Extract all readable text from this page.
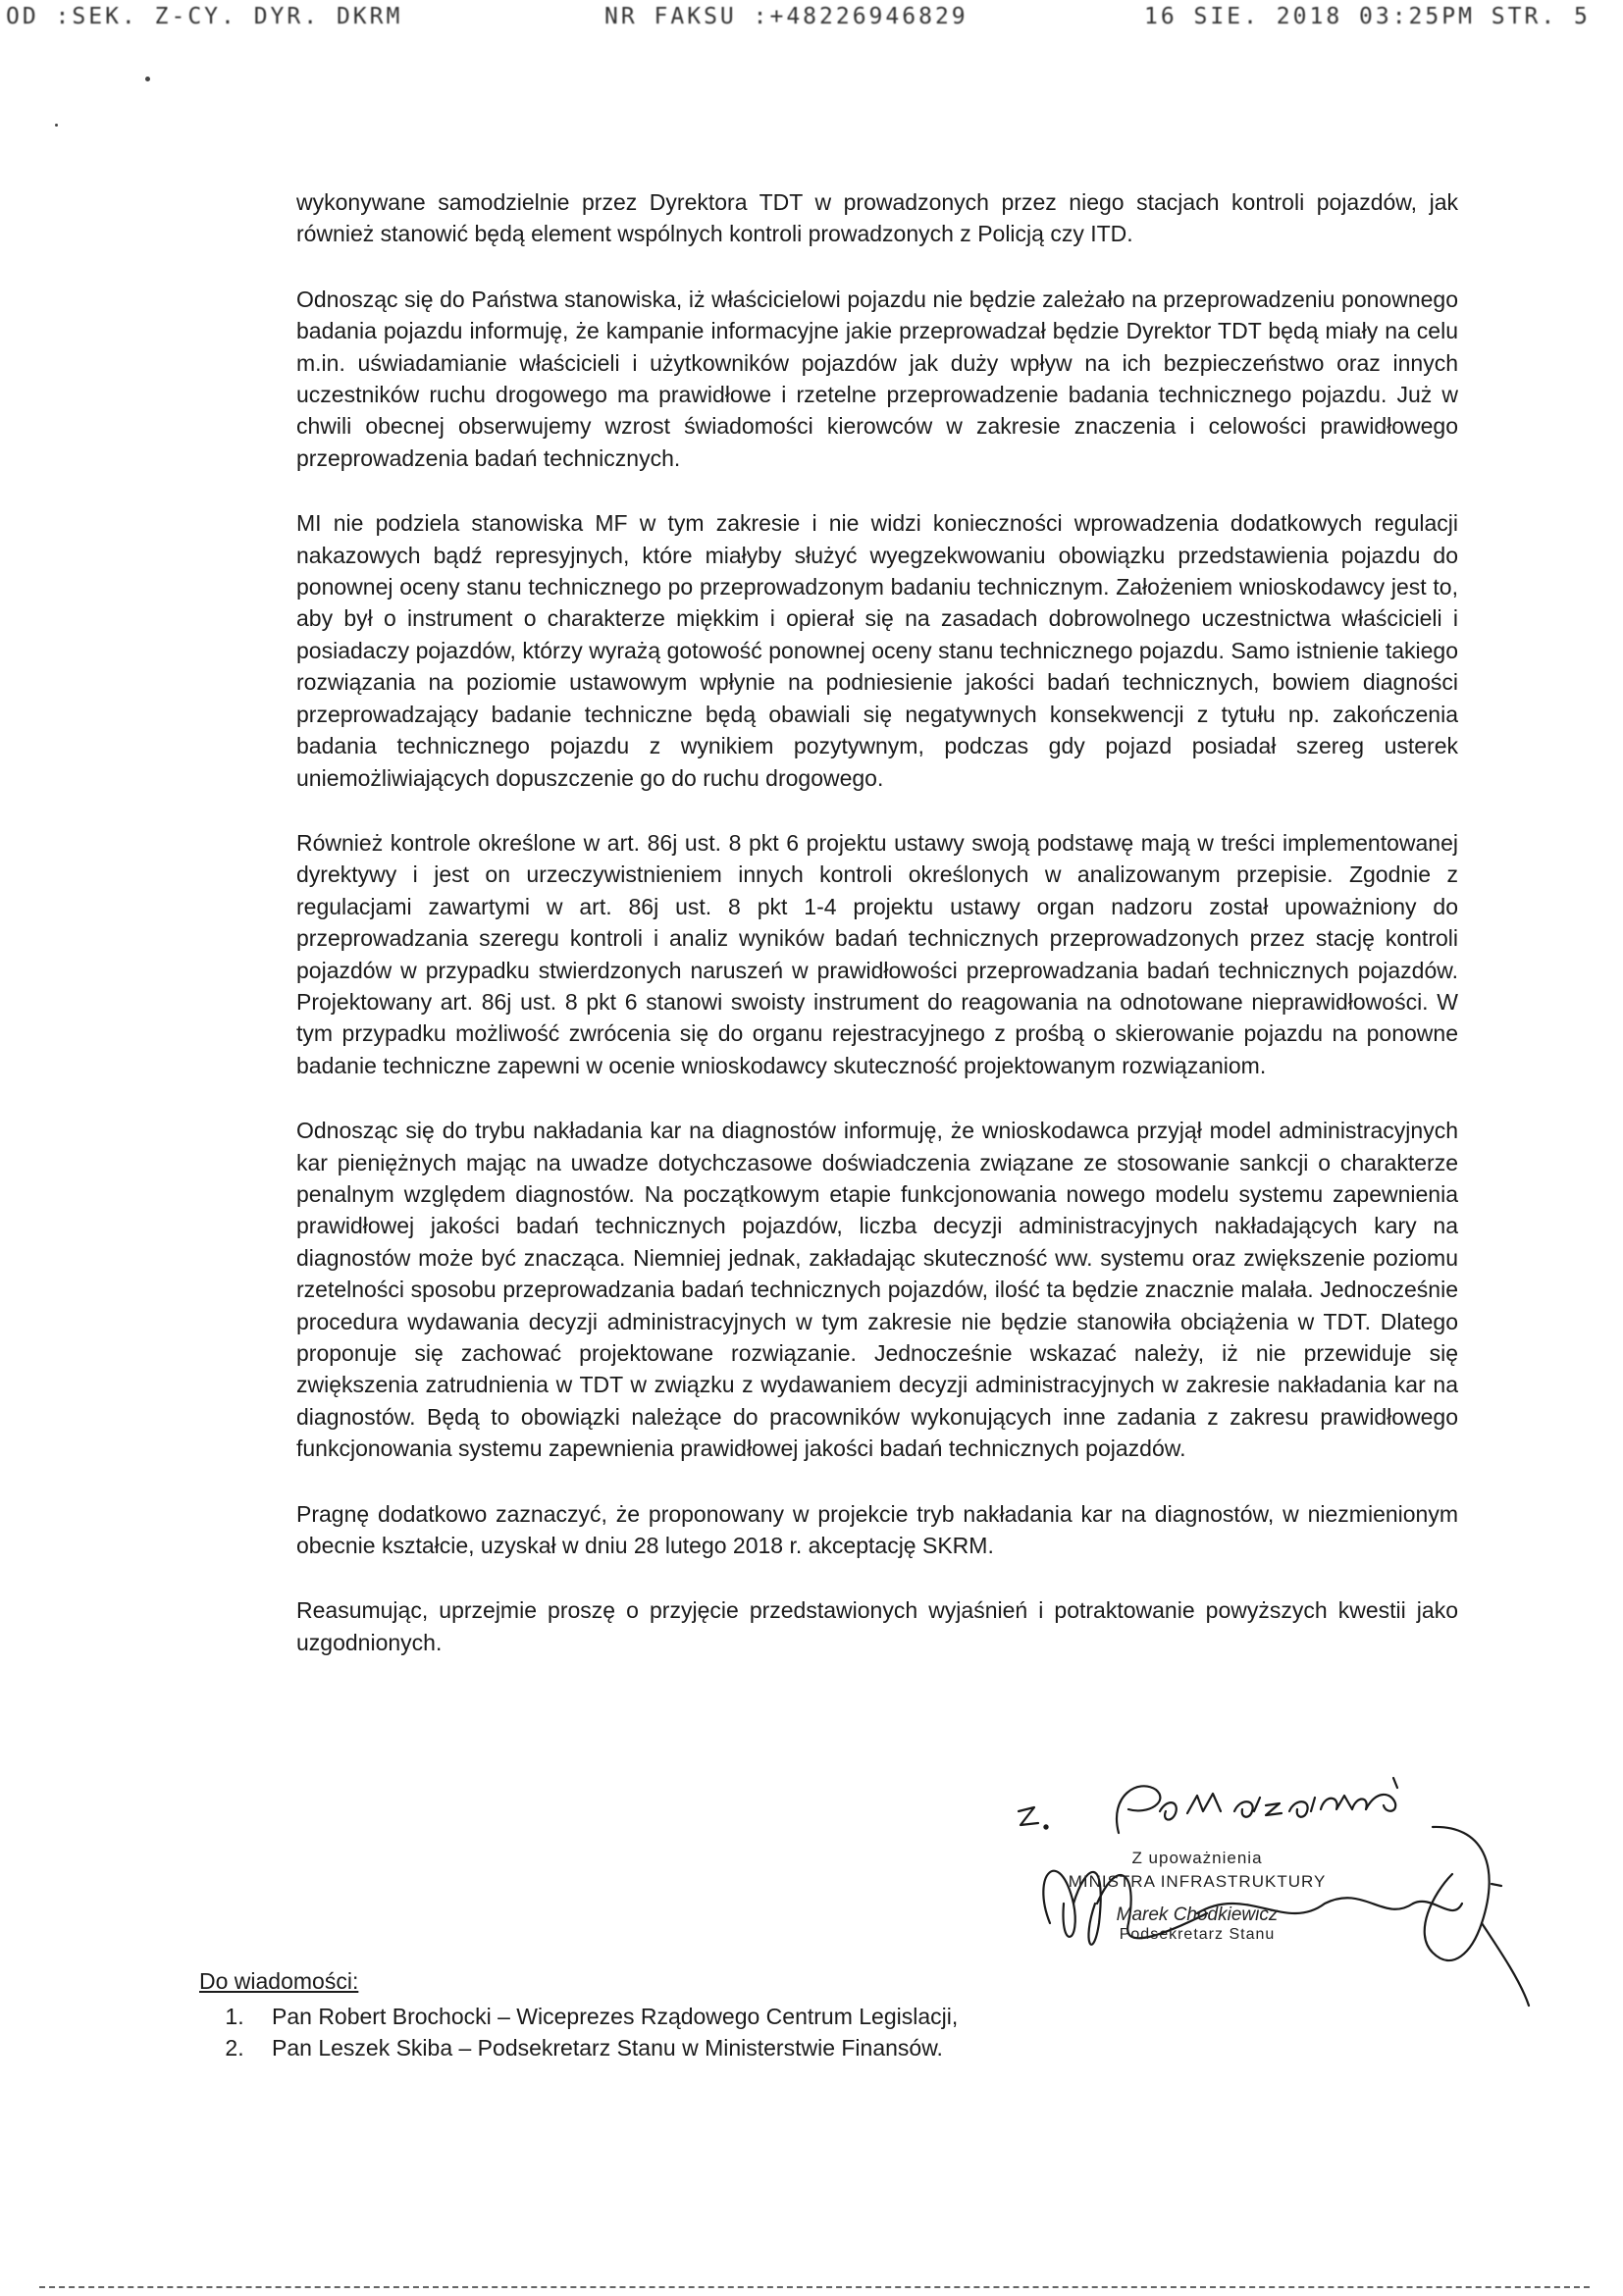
OD :SEK. Z-CY. DYR. DKRM	NR FAKSU :+48226946829	16 SIE. 2018 03:25PM STR. 5

wykonywane samodzielnie przez Dyrektora TDT w prowadzonych przez niego stacjach kontroli pojazdów, jak również stanowić będą element wspólnych kontroli prowadzonych z Policją czy ITD.

Odnosząc się do Państwa stanowiska, iż właścicielowi pojazdu nie będzie zależało na przeprowadzeniu ponownego badania pojazdu informuję, że kampanie informacyjne jakie przeprowadzał będzie Dyrektor TDT będą miały na celu m.in. uświadamianie właścicieli i użytkowników pojazdów jak duży wpływ na ich bezpieczeństwo oraz innych uczestników ruchu drogowego ma prawidłowe i rzetelne przeprowadzenie badania technicznego pojazdu. Już w chwili obecnej obserwujemy wzrost świadomości kierowców w zakresie znaczenia i celowości prawidłowego przeprowadzenia badań technicznych.

MI nie podziela stanowiska MF w tym zakresie i nie widzi konieczności wprowadzenia dodatkowych regulacji nakazowych bądź represyjnych, które miałyby służyć wyegzekwowaniu obowiązku przedstawienia pojazdu do ponownej oceny stanu technicznego po przeprowadzonym badaniu technicznym. Założeniem wnioskodawcy jest to, aby był o instrument o charakterze miękkim i opierał się na zasadach dobrowolnego uczestnictwa właścicieli i posiadaczy pojazdów, którzy wyrażą gotowość ponownej oceny stanu technicznego pojazdu. Samo istnienie takiego rozwiązania na poziomie ustawowym wpłynie na podniesienie jakości badań technicznych, bowiem diagności przeprowadzający badanie techniczne będą obawiali się negatywnych konsekwencji z tytułu np. zakończenia badania technicznego pojazdu z wynikiem pozytywnym, podczas gdy pojazd posiadał szereg usterek uniemożliwiających dopuszczenie go do ruchu drogowego.

Również kontrole określone w art. 86j ust. 8 pkt 6 projektu ustawy swoją podstawę mają w treści implementowanej dyrektywy i jest on urzeczywistnieniem innych kontroli określonych w analizowanym przepisie. Zgodnie z regulacjami zawartymi w art. 86j ust. 8 pkt 1-4 projektu ustawy organ nadzoru został upoważniony do przeprowadzania szeregu kontroli i analiz wyników badań technicznych przeprowadzonych przez stację kontroli pojazdów w przypadku stwierdzonych naruszeń w prawidłowości przeprowadzania badań technicznych pojazdów. Projektowany art. 86j ust. 8 pkt 6 stanowi swoisty instrument do reagowania na odnotowane nieprawidłowości. W tym przypadku możliwość zwrócenia się do organu rejestracyjnego z prośbą o skierowanie pojazdu na ponowne badanie techniczne zapewni w ocenie wnioskodawcy skuteczność projektowanym rozwiązaniom.

Odnosząc się do trybu nakładania kar na diagnostów informuję, że wnioskodawca przyjął model administracyjnych kar pieniężnych mając na uwadze dotychczasowe doświadczenia związane ze stosowanie sankcji o charakterze penalnym względem diagnostów. Na początkowym etapie funkcjonowania nowego modelu systemu zapewnienia prawidłowej jakości badań technicznych pojazdów, liczba decyzji administracyjnych nakładających kary na diagnostów może być znacząca. Niemniej jednak, zakładając skuteczność ww. systemu oraz zwiększenie poziomu rzetelności sposobu przeprowadzania badań technicznych pojazdów, ilość ta będzie znacznie malała. Jednocześnie procedura wydawania decyzji administracyjnych w tym zakresie nie będzie stanowiła obciążenia w TDT. Dlatego proponuje się zachować projektowane rozwiązanie. Jednocześnie wskazać należy, iż nie przewiduje się zwiększenia zatrudnienia w TDT w związku z wydawaniem decyzji administracyjnych w zakresie nakładania kar na diagnostów. Będą to obowiązki należące do pracowników wykonujących inne zadania z zakresu prawidłowego funkcjonowania systemu zapewnienia prawidłowej jakości badań technicznych pojazdów.

Pragnę dodatkowo zaznaczyć, że proponowany w projekcie tryb nakładania kar na diagnostów, w niezmienionym obecnie kształcie, uzyskał w dniu 28 lutego 2018 r. akceptację SKRM.

Reasumując, uprzejmie proszę o przyjęcie przedstawionych wyjaśnień i potraktowanie powyższych kwestii jako uzgodnionych.

Z upoważnienia
MINISTRA INFRASTRUKTURY
Marek Chodkiewicz
Podsekretarz Stanu
Do wiadomości:
1. Pan Robert Brochocki – Wiceprezes Rządowego Centrum Legislacji,
2. Pan Leszek Skiba – Podsekretarz Stanu w Ministerstwie Finansów.
